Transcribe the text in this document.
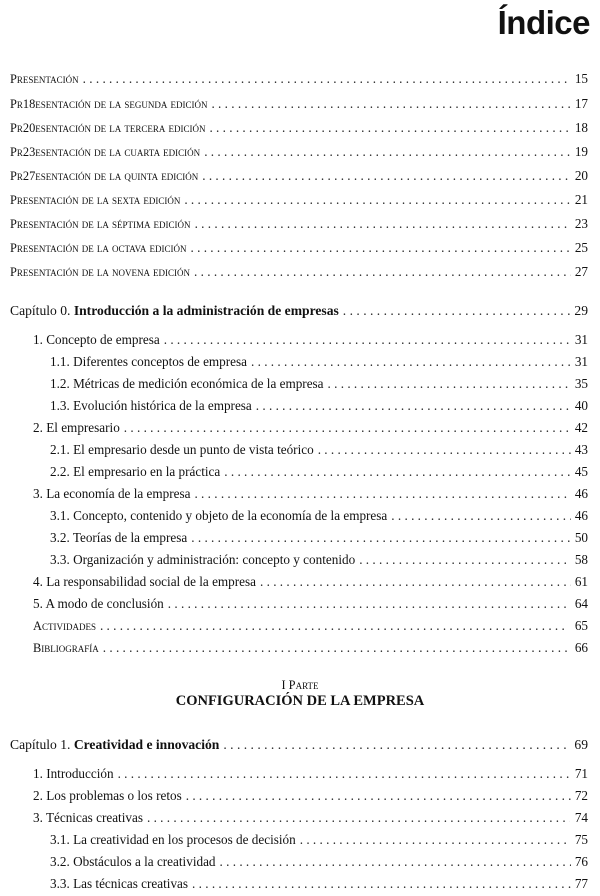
Índice
Presentación . . .	15
Pr18esentación de la segunda edición . . .	17
Pr20esentación de la tercera edición . . .	18
Pr23esentación de la cuarta edición . . .	19
Pr27esentación de la quinta edición . . .	20
Presentación de la sexta edición . . .	21
Presentación de la séptima edición . . .	23
Presentación de la octava edición . . .	25
Presentación de la novena edición . . .	27
Capítulo 0. Introducción a la administración de empresas . . .	29
1. Concepto de empresa . . .	31
1.1. Diferentes conceptos de empresa . . .	31
1.2. Métricas de medición económica de la empresa . . .	35
1.3. Evolución histórica de la empresa . . .	40
2. El empresario . . .	42
2.1. El empresario desde un punto de vista teórico . . .	43
2.2. El empresario en la práctica . . .	45
3. La economía de la empresa . . .	46
3.1. Concepto, contenido y objeto de la economía de la empresa . . .	46
3.2. Teorías de la empresa . . .	50
3.3. Organización y administración: concepto y contenido . . .	58
4. La responsabilidad social de la empresa . . .	61
5. A modo de conclusión . . .	64
Actividades . . .	65
Bibliografía . . .	66
I Parte
CONFIGURACIÓN DE LA EMPRESA
Capítulo 1. Creatividad e innovación . . .	69
1. Introducción . . .	71
2. Los problemas o los retos . . .	72
3. Técnicas creativas . . .	74
3.1. La creatividad en los procesos de decisión . . .	75
3.2. Obstáculos a la creatividad . . .	76
3.3. Las técnicas creativas . . .	77
